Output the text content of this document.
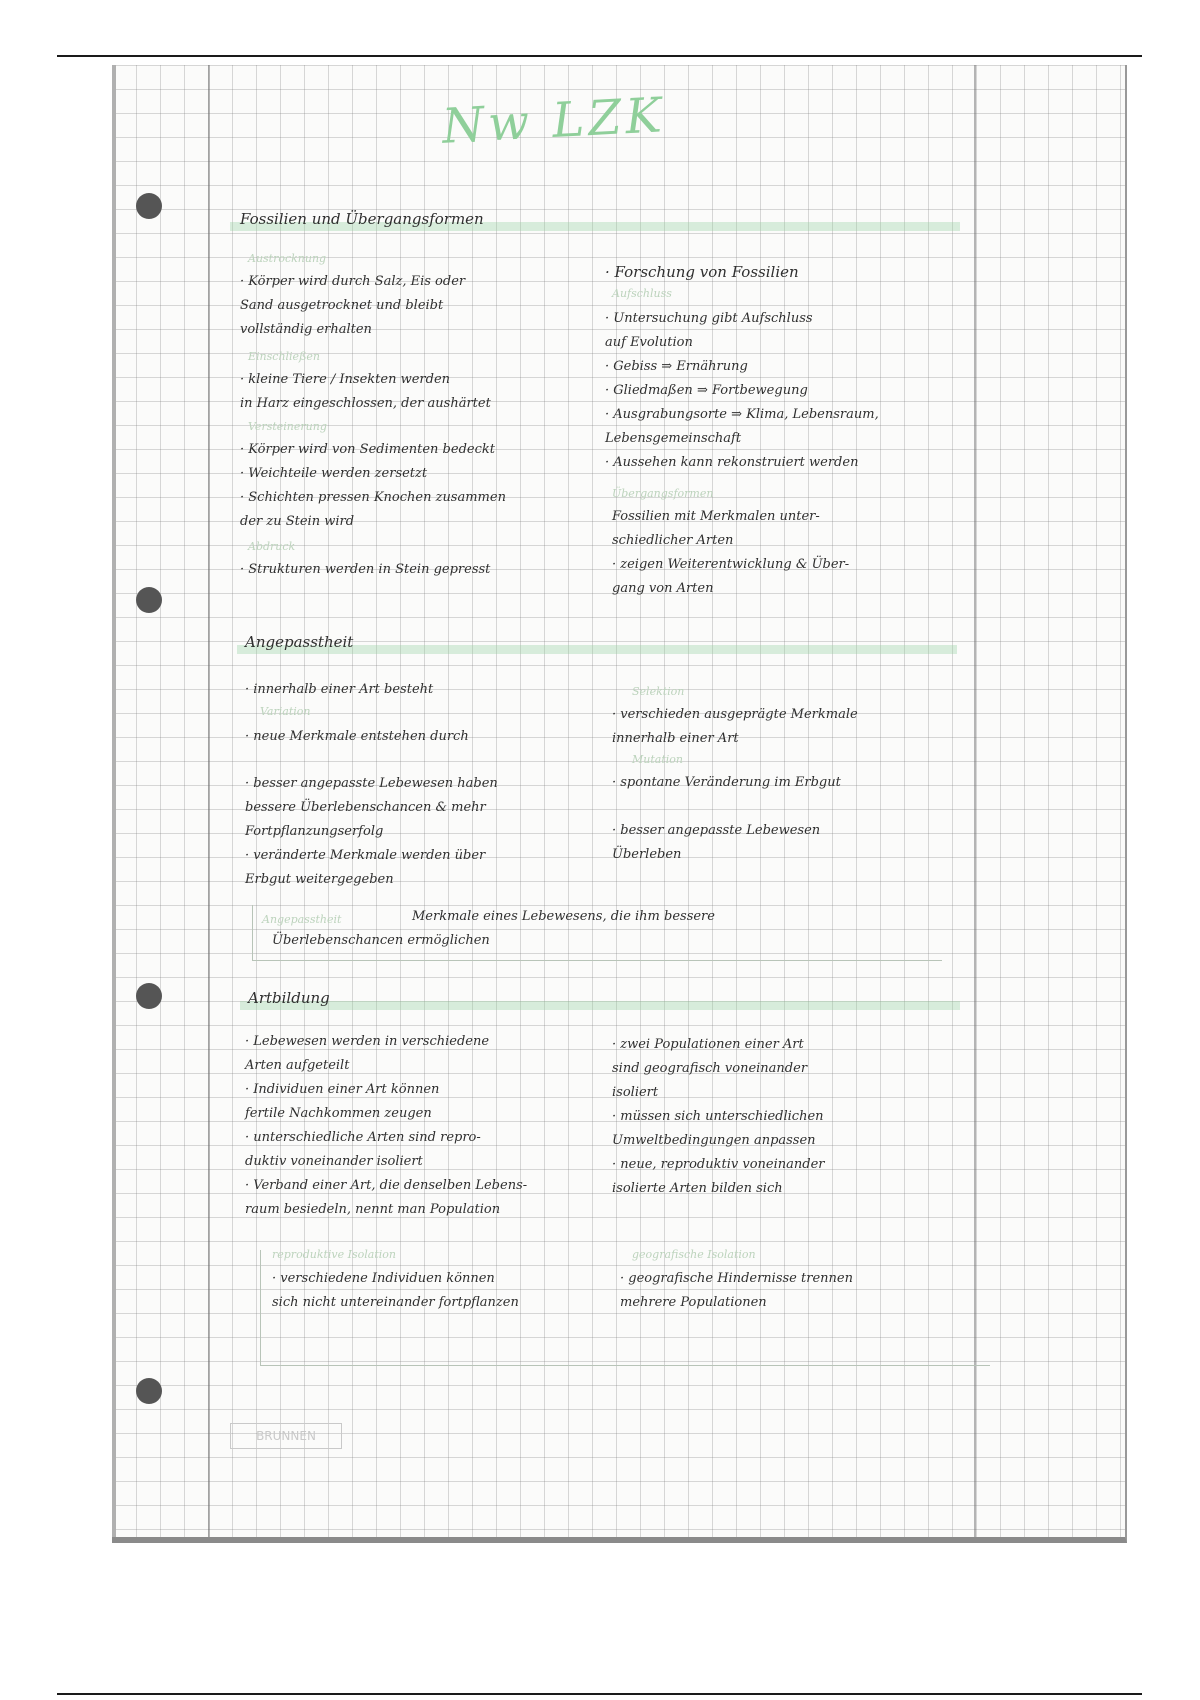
Nw LZK
Fossilien und Übergangsformen
Austrocknung
· Körper wird durch Salz, Eis oder
Sand ausgetrocknet und bleibt
vollständig erhalten
Einschließen
· kleine Tiere / Insekten werden
in Harz eingeschlossen, der aushärtet
Versteinerung
· Körper wird von Sedimenten bedeckt
· Weichteile werden zersetzt
· Schichten pressen Knochen zusammen
der zu Stein wird
Abdruck
· Strukturen werden in Stein gepresst
· Forschung von Fossilien
Aufschluss
· Untersuchung gibt Aufschluss
auf Evolution
· Gebiss ⇒ Ernährung
· Gliedmaßen ⇒ Fortbewegung
· Ausgrabungsorte ⇒ Klima, Lebensraum,
Lebensgemeinschaft
· Aussehen kann rekonstruiert werden
Übergangsformen
Fossilien mit Merkmalen unter-
schiedlicher Arten
· zeigen Weiterentwicklung & Über-
gang von Arten
Angepasstheit
· innerhalb einer Art besteht
Variation
· neue Merkmale entstehen durch
· besser angepasste Lebewesen haben
bessere Überlebenschancen & mehr
Fortpflanzungserfolg
· veränderte Merkmale werden über
Erbgut weitergegeben
Selektion
· verschieden ausgeprägte Merkmale
innerhalb einer Art
Mutation
· spontane Veränderung im Erbgut
· besser angepasste Lebewesen
Überleben
Angepasstheit	Merkmale eines Lebewesens, die ihm bessere
Überlebenschancen ermöglichen
Artbildung
· Lebewesen werden in verschiedene
Arten aufgeteilt
· Individuen einer Art können
fertile Nachkommen zeugen
· unterschiedliche Arten sind repro-
duktiv voneinander isoliert
· Verband einer Art, die denselben Lebens-
raum besiedeln, nennt man Population
· zwei Populationen einer Art
sind geografisch voneinander
isoliert
· müssen sich unterschiedlichen
Umweltbedingungen anpassen
· neue, reproduktiv voneinander
isolierte Arten bilden sich
reproduktive Isolation
· verschiedene Individuen können
sich nicht untereinander fortpflanzen
geografische Isolation
· geografische Hindernisse trennen
mehrere Populationen
BRUNNEN
